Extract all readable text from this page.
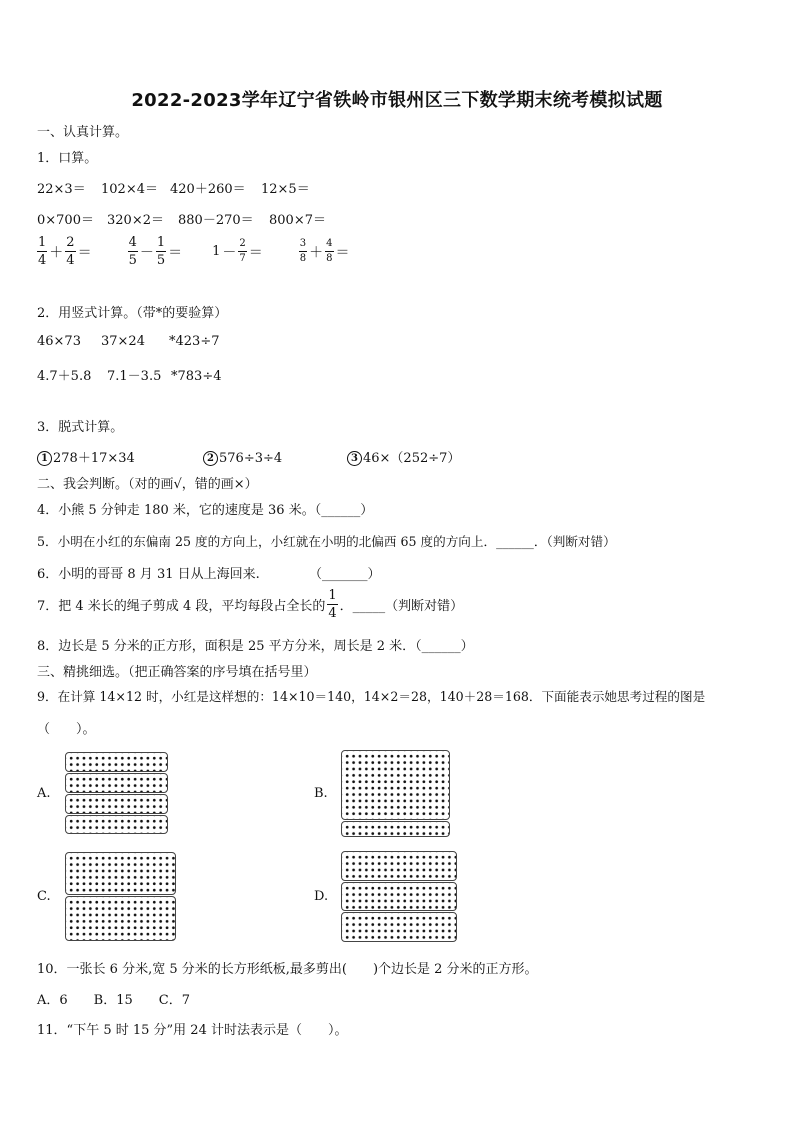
2022-2023学年辽宁省铁岭市银州区三下数学期末统考模拟试题
一、认真计算。
1．口算。
22×3＝ 102×4＝ 420＋260＝ 12×5＝
0×700＝ 320×2＝ 880－270＝ 800×7＝
$\frac{1}{4} + \frac{2}{4}$ ＝	$\frac{4}{5} - \frac{1}{5} = 1 - \frac{2}{7}$ ＝	$\frac{3}{8} + \frac{4}{8}$ ＝
2．用竖式计算。（带*的要验算）
46×73 37×24 *423÷7
4.7＋5.8 7.1－3.5 *783÷4
3．脱式计算。
1 278＋17×34	2 576÷3÷4	3 46×（252÷7）
二、我会判断。（对的画√，错的画×）
4．小熊 5 分钟走 180 米，它的速度是 36 米。（______）
5．小明在小红的东偏南 25 度的方向上，小红就在小明的北偏西 65 度的方向上．______．（判断对错）
6．小明的哥哥 8 月 31 日从上海回来.	（_______）
7．把 4 米长的绳子剪成 4 段，平均每段占全长的 $\frac{1}{4}$ ．_____（判断对错）
8．边长是 5 分米的正方形，面积是 25 平方分米，周长是 2 米．（______）
三、精挑细选。（把正确答案的序号填在括号里）
9．在计算 14×12 时，小红是这样想的：14×10＝140，14×2＝28，140＋28＝168．下面能表示她思考过程的图是
（　　）。
A.	B.
C.	D.
10．一张长 6 分米,宽 5 分米的长方形纸板,最多剪出(　　)个边长是 2 分米的正方形。
A．6　　B．15　　C．7
11．“下午 5 时 15 分”用 24 计时法表示是（　　）。
